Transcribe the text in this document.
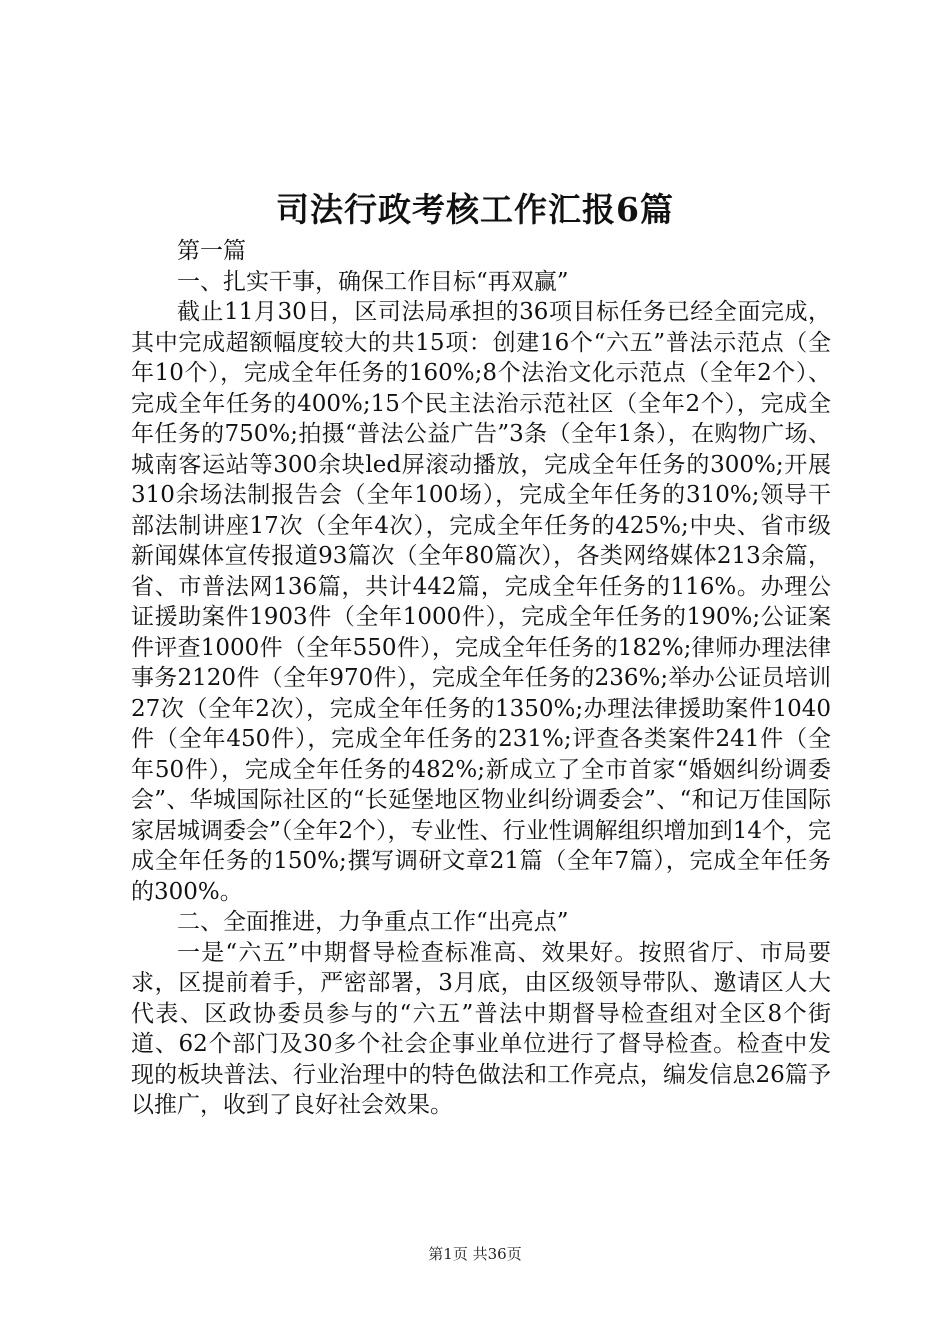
司法行政考核工作汇报6篇

第一篇

一、扎实干事，确保工作目标“再双赢”

截止11月30日，区司法局承担的36项目标任务已经全面完成，其中完成超额幅度较大的共15项：创建16个“六五”普法示范点（全年10个），完成全年任务的160%;8个法治文化示范点（全年2个）、完成全年任务的400%;15个民主法治示范社区（全年2个），完成全年任务的750%;拍摄“普法公益广告”3条（全年1条），在购物广场、城南客运站等300余块led屏滚动播放，完成全年任务的300%;开展310余场法制报告会（全年100场），完成全年任务的310%;领导干部法制讲座17次（全年4次），完成全年任务的425%;中央、省市级新闻媒体宣传报道93篇次（全年80篇次），各类网络媒体213余篇，省、市普法网136篇，共计442篇，完成全年任务的116%。办理公证援助案件1903件（全年1000件），完成全年任务的190%;公证案件评查1000件（全年550件），完成全年任务的182%;律师办理法律事务2120件（全年970件），完成全年任务的236%;举办公证员培训27次（全年2次），完成全年任务的1350%;办理法律援助案件1040件（全年450件），完成全年任务的231%;评查各类案件241件（全年50件），完成全年任务的482%;新成立了全市首家“婚姻纠纷调委会”、华城国际社区的“长延堡地区物业纠纷调委会”、“和记万佳国际家居城调委会”（全年2个），专业性、行业性调解组织增加到14个，完成全年任务的150%;撰写调研文章21篇（全年7篇），完成全年任务的300%。

二、全面推进，力争重点工作“出亮点”

一是“六五”中期督导检查标准高、效果好。按照省厅、市局要求，区提前着手，严密部署，3月底，由区级领导带队、邀请区人大代表、区政协委员参与的“六五”普法中期督导检查组对全区8个街道、62个部门及30多个社会企事业单位进行了督导检查。检查中发现的板块普法、行业治理中的特色做法和工作亮点，编发信息26篇予以推广，收到了良好社会效果。

第1页 共36页
